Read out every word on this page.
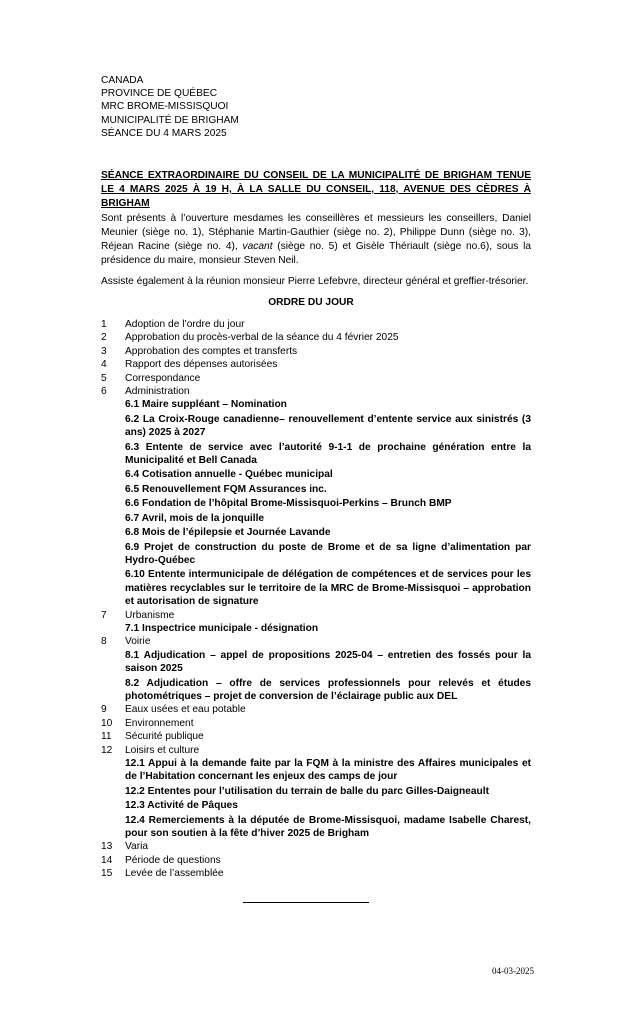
CANADA
PROVINCE DE QUÉBEC
MRC BROME-MISSISQUOI
MUNICIPALITÉ DE BRIGHAM
SÉANCE DU 4 MARS 2025
SÉANCE EXTRAORDINAIRE DU CONSEIL DE LA MUNICIPALITÉ DE BRIGHAM TENUE LE 4 MARS 2025 À 19 H, À LA SALLE DU CONSEIL, 118, AVENUE DES CÈDRES À BRIGHAM
Sont présents à l’ouverture mesdames les conseillères et messieurs les conseillers, Daniel Meunier (siège no. 1), Stéphanie Martin-Gauthier (siège no. 2), Philippe Dunn (siège no. 3), Réjean Racine (siège no. 4), vacant (siège no. 5) et Gisèle Thériault (siège no.6), sous la présidence du maire, monsieur Steven Neil.
Assiste également à la réunion monsieur Pierre Lefebvre, directeur général et greffier-trésorier.
ORDRE DU JOUR
1	Adoption de l’ordre du jour
2	Approbation du procès-verbal de la séance du 4 février 2025
3	Approbation des comptes et transferts
4	Rapport des dépenses autorisées
5	Correspondance
6	Administration
6.1 Maire suppléant – Nomination
6.2 La Croix-Rouge canadienne– renouvellement d’entente service aux sinistrés (3 ans) 2025 à 2027
6.3 Entente de service avec l’autorité 9-1-1 de prochaine génération entre la Municipalité et Bell Canada
6.4 Cotisation annuelle - Québec municipal
6.5 Renouvellement FQM Assurances inc.
6.6 Fondation de l’hôpital Brome-Missisquoi-Perkins – Brunch BMP
6.7 Avril, mois de la jonquille
6.8 Mois de l’épilepsie et Journée Lavande
6.9 Projet de construction du poste de Brome et de sa ligne d’alimentation par Hydro-Québec
6.10 Entente intermunicipale de délégation de compétences et de services pour les matières recyclables sur le territoire de la MRC de Brome-Missisquoi – approbation et autorisation de signature
7	Urbanisme
7.1 Inspectrice municipale - désignation
8	Voirie
8.1 Adjudication – appel de propositions 2025-04 – entretien des fossés pour la saison 2025
8.2 Adjudication – offre de services professionnels pour relevés et études photométriques – projet de conversion de l’éclairage public aux DEL
9	Eaux usées et eau potable
10	Environnement
11	Sécurité publique
12	Loisirs et culture
12.1 Appui à la demande faite par la FQM à la ministre des Affaires municipales et de l’Habitation concernant les enjeux des camps de jour
12.2 Ententes pour l’utilisation du terrain de balle du parc Gilles-Daigneault
12.3 Activité de Pâques
12.4 Remerciements à la députée de Brome-Missisquoi, madame Isabelle Charest, pour son soutien à la fête d’hiver 2025 de Brigham
13	Varia
14	Période de questions
15	Levée de l’assemblée
04-03-2025
